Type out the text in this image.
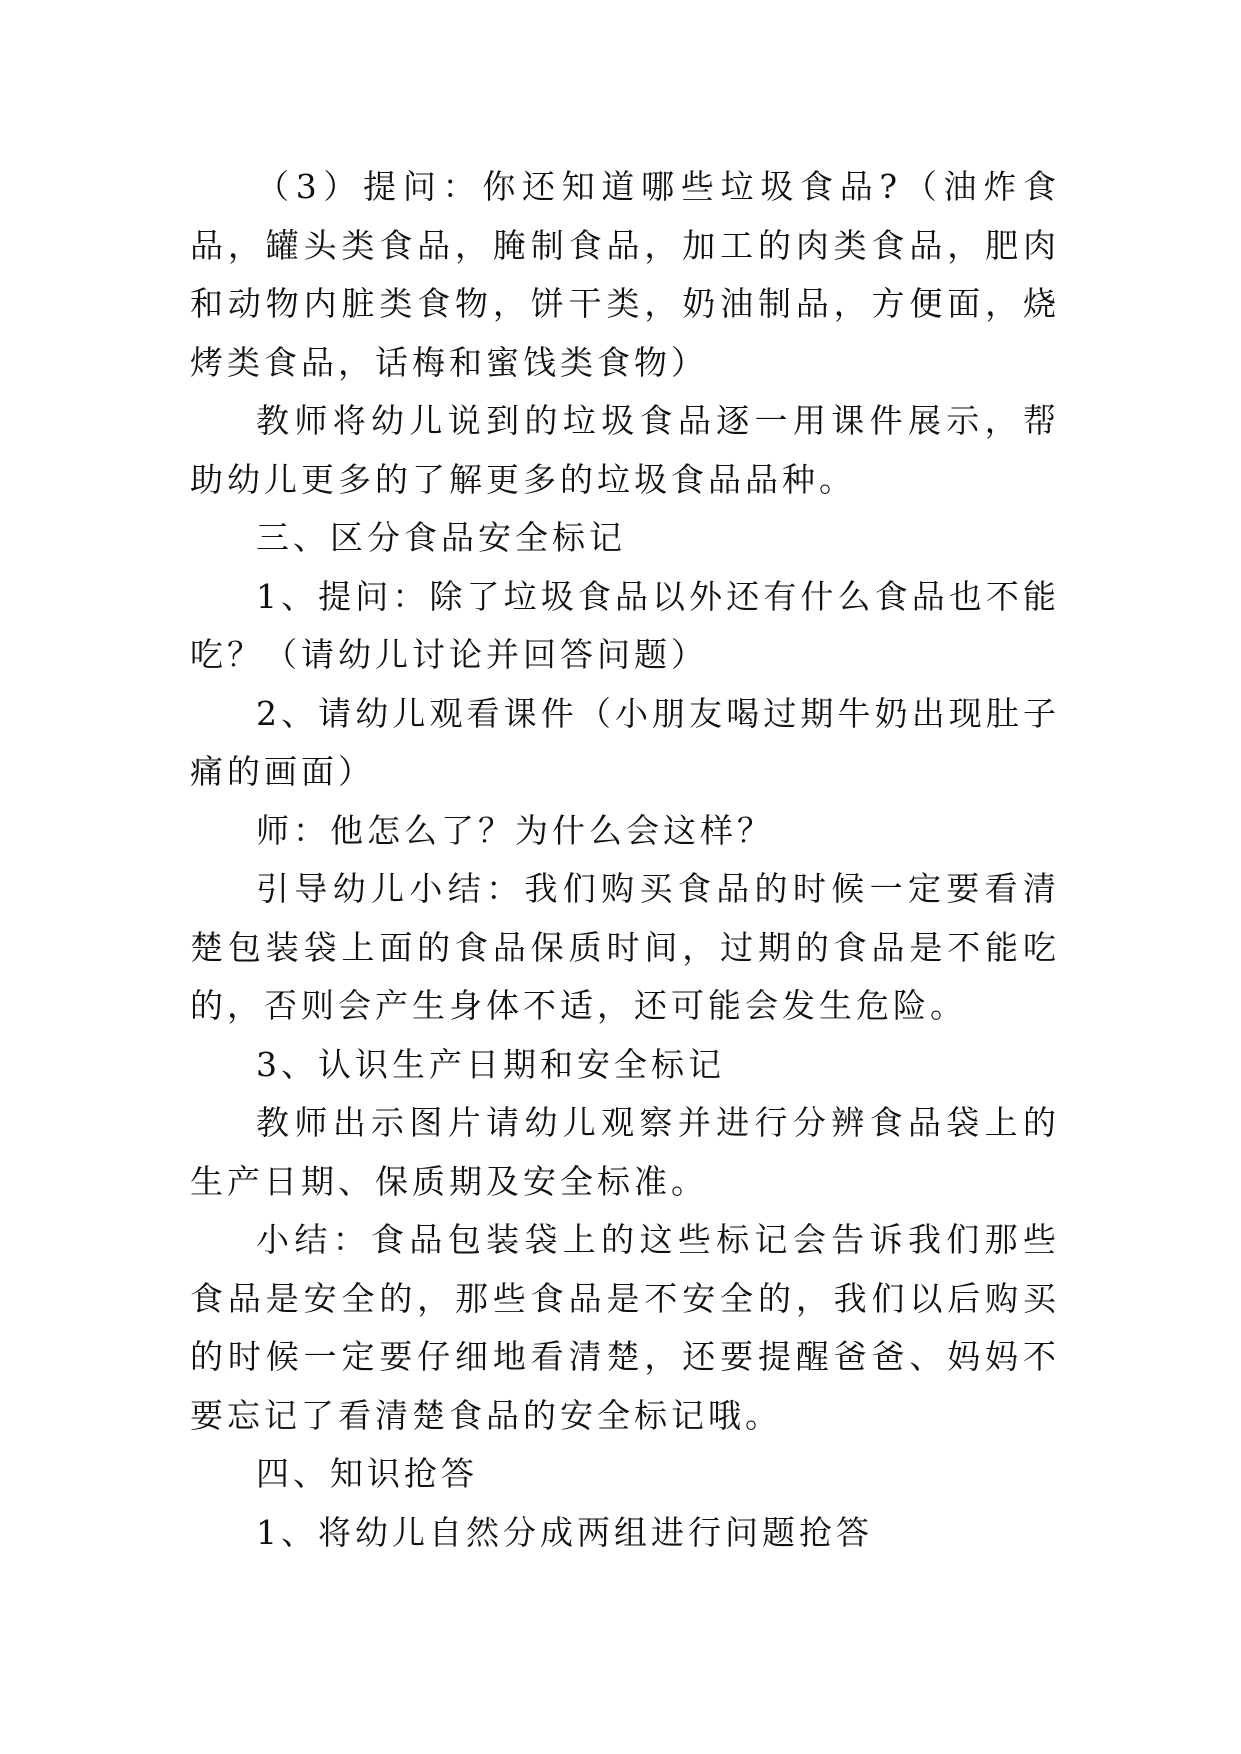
（3）提问：你还知道哪些垃圾食品?（油炸食品，罐头类食品，腌制食品，加工的肉类食品，肥肉和动物内脏类食物，饼干类，奶油制品，方便面，烧烤类食品，话梅和蜜饯类食物）

教师将幼儿说到的垃圾食品逐一用课件展示，帮助幼儿更多的了解更多的垃圾食品品种。

三、区分食品安全标记

1、提问：除了垃圾食品以外还有什么食品也不能吃？（请幼儿讨论并回答问题）

2、请幼儿观看课件（小朋友喝过期牛奶出现肚子痛的画面）

师：他怎么了？为什么会这样？

引导幼儿小结：我们购买食品的时候一定要看清楚包装袋上面的食品保质时间，过期的食品是不能吃的，否则会产生身体不适，还可能会发生危险。

3、认识生产日期和安全标记

教师出示图片请幼儿观察并进行分辨食品袋上的生产日期、保质期及安全标准。

小结：食品包装袋上的这些标记会告诉我们那些食品是安全的，那些食品是不安全的，我们以后购买的时候一定要仔细地看清楚，还要提醒爸爸、妈妈不要忘记了看清楚食品的安全标记哦。

四、知识抢答

1、将幼儿自然分成两组进行问题抢答
